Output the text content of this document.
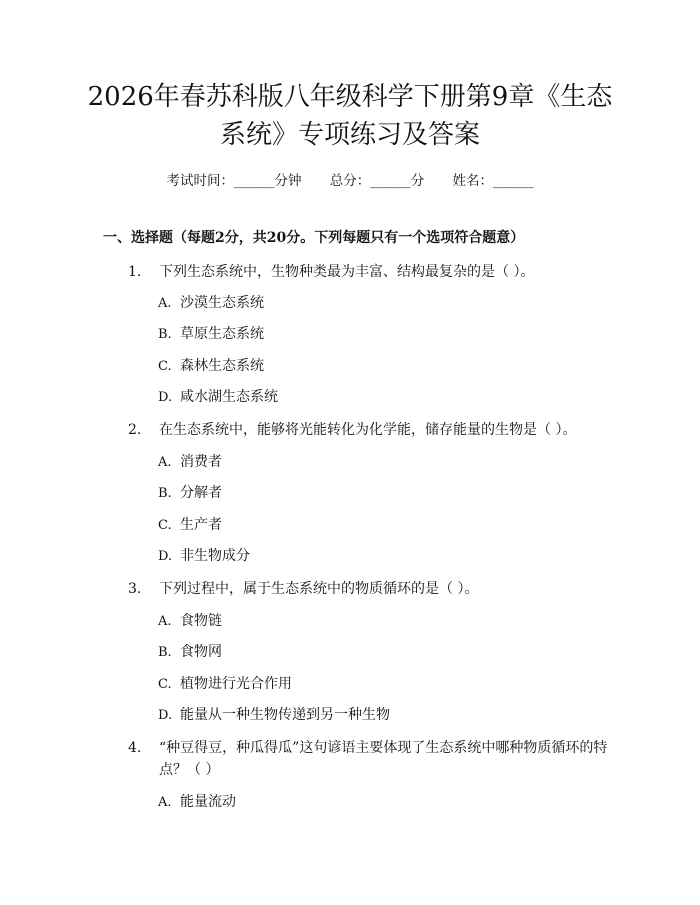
2026年春苏科版八年级科学下册第9章《生态系统》专项练习及答案
考试时间：______分钟 总分：______分 姓名：______
一、选择题（每题2分，共20分。下列每题只有一个选项符合题意）
1.	下列生态系统中，生物种类最为丰富、结构最复杂的是（ ）。
A. 沙漠生态系统
B. 草原生态系统
C. 森林生态系统
D. 咸水湖生态系统
2.	在生态系统中，能够将光能转化为化学能，储存能量的生物是（ ）。
A. 消费者
B. 分解者
C. 生产者
D. 非生物成分
3.	下列过程中，属于生态系统中的物质循环的是（ ）。
A. 食物链
B. 食物网
C. 植物进行光合作用
D. 能量从一种生物传递到另一种生物
4.	“种豆得豆，种瓜得瓜”这句谚语主要体现了生态系统中哪种物质循环的特点？（ ）
A. 能量流动
